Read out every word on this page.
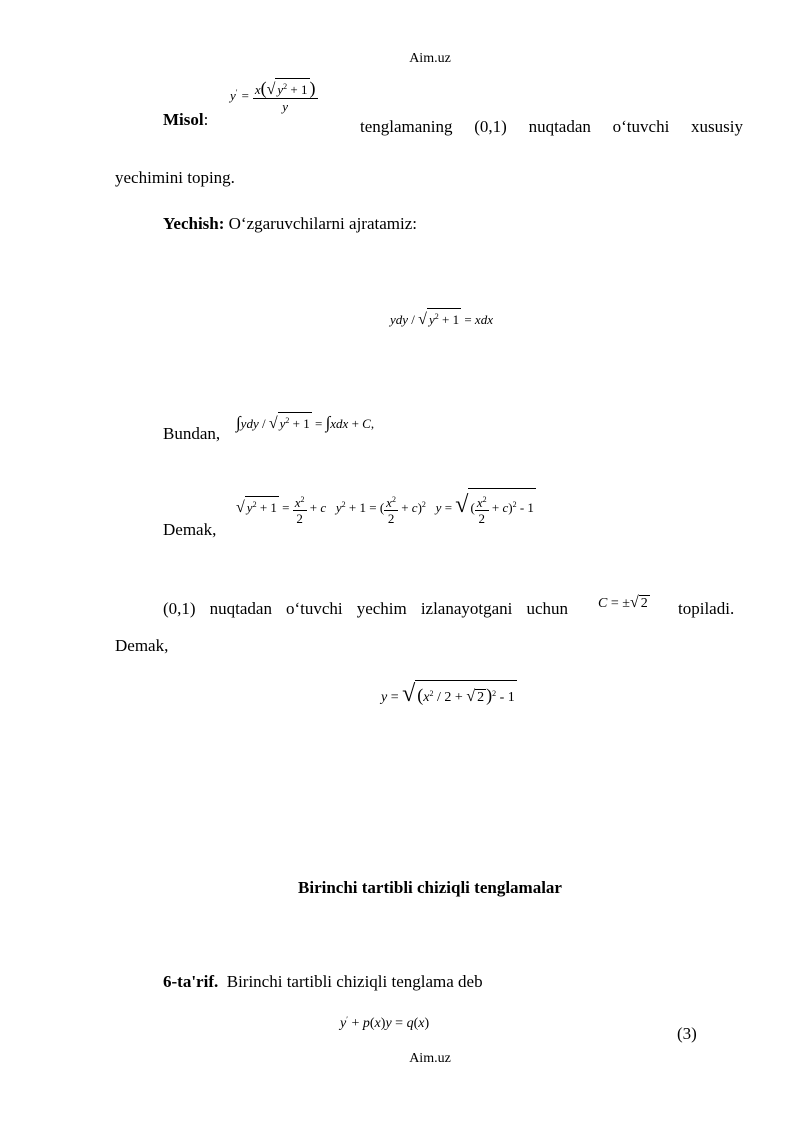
Aim.uz
Misol:
$y' = \frac{x(√ y^2 + 1 )}{y}$
tenglamaning (0,1) nuqtadan o‘tuvchi xususiy
yechimini toping.
Yechish: O‘zgaruvchilarni ajratamiz:
ydy / √ $y^2 + 1$ = xdx
Bundan,
∫ydy / √ $y^2 + 1 = \int xdx + C$,
Demak,
√ $y^2 + 1 = \frac{x^2}{2} + c$   $y^2 + 1$ = ( $\frac{x^2}{2} + c)^2$   y = √ ( $\frac{x^2}{2} + c)^2 - 1$
(0,1) nuqtadan o‘tuvchi yechim izlanayotgani uchun C = ±√ 2 topiladi.
Demak,
y = √ ($x^2 / 2$ + √ 2 )$^2$ - 1
Birinchi tartibli chiziqli tenglamalar
6-ta'rif.  Birinchi tartibli chiziqli tenglama deb
y′ + p(x)y = q(x)
(3)
Aim.uz
